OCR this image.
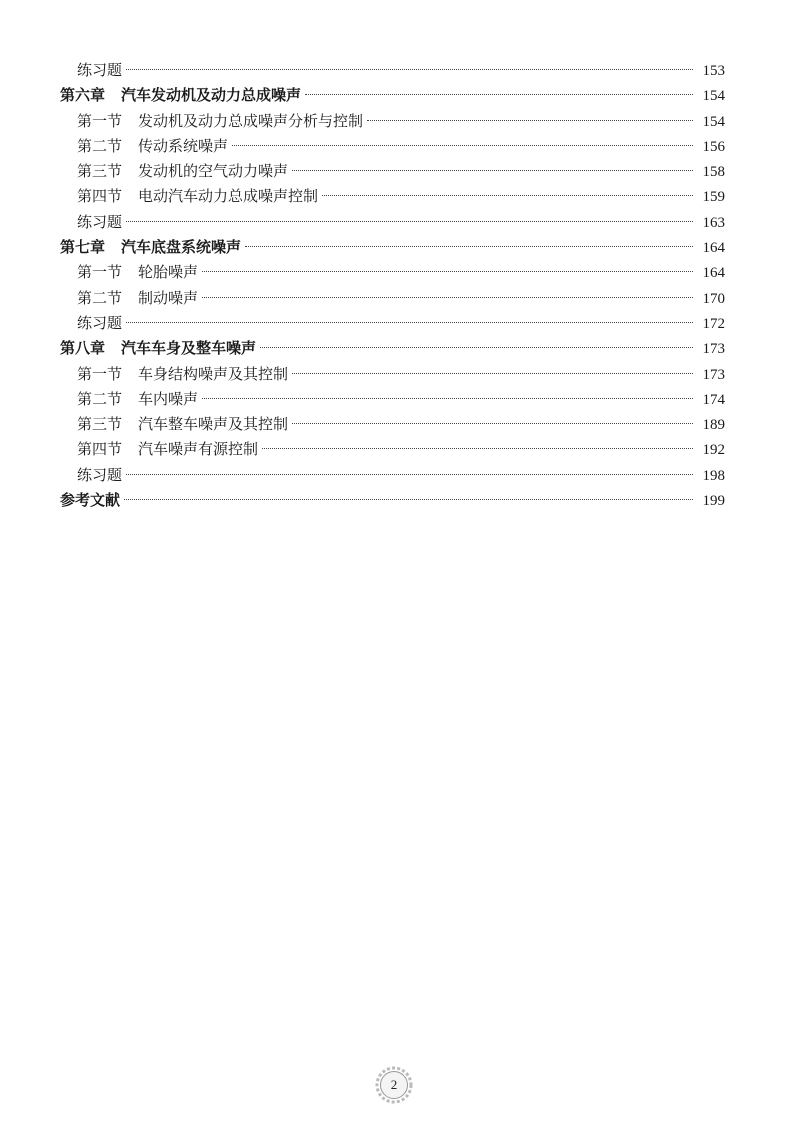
练习题	153
第六章 汽车发动机及动力总成噪声	154
第一节 发动机及动力总成噪声分析与控制	154
第二节 传动系统噪声	156
第三节 发动机的空气动力噪声	158
第四节 电动汽车动力总成噪声控制	159
练习题	163
第七章 汽车底盘系统噪声	164
第一节 轮胎噪声	164
第二节 制动噪声	170
练习题	172
第八章 汽车车身及整车噪声	173
第一节 车身结构噪声及其控制	173
第二节 车内噪声	174
第三节 汽车整车噪声及其控制	189
第四节 汽车噪声有源控制	192
练习题	198
参考文献	199
2
